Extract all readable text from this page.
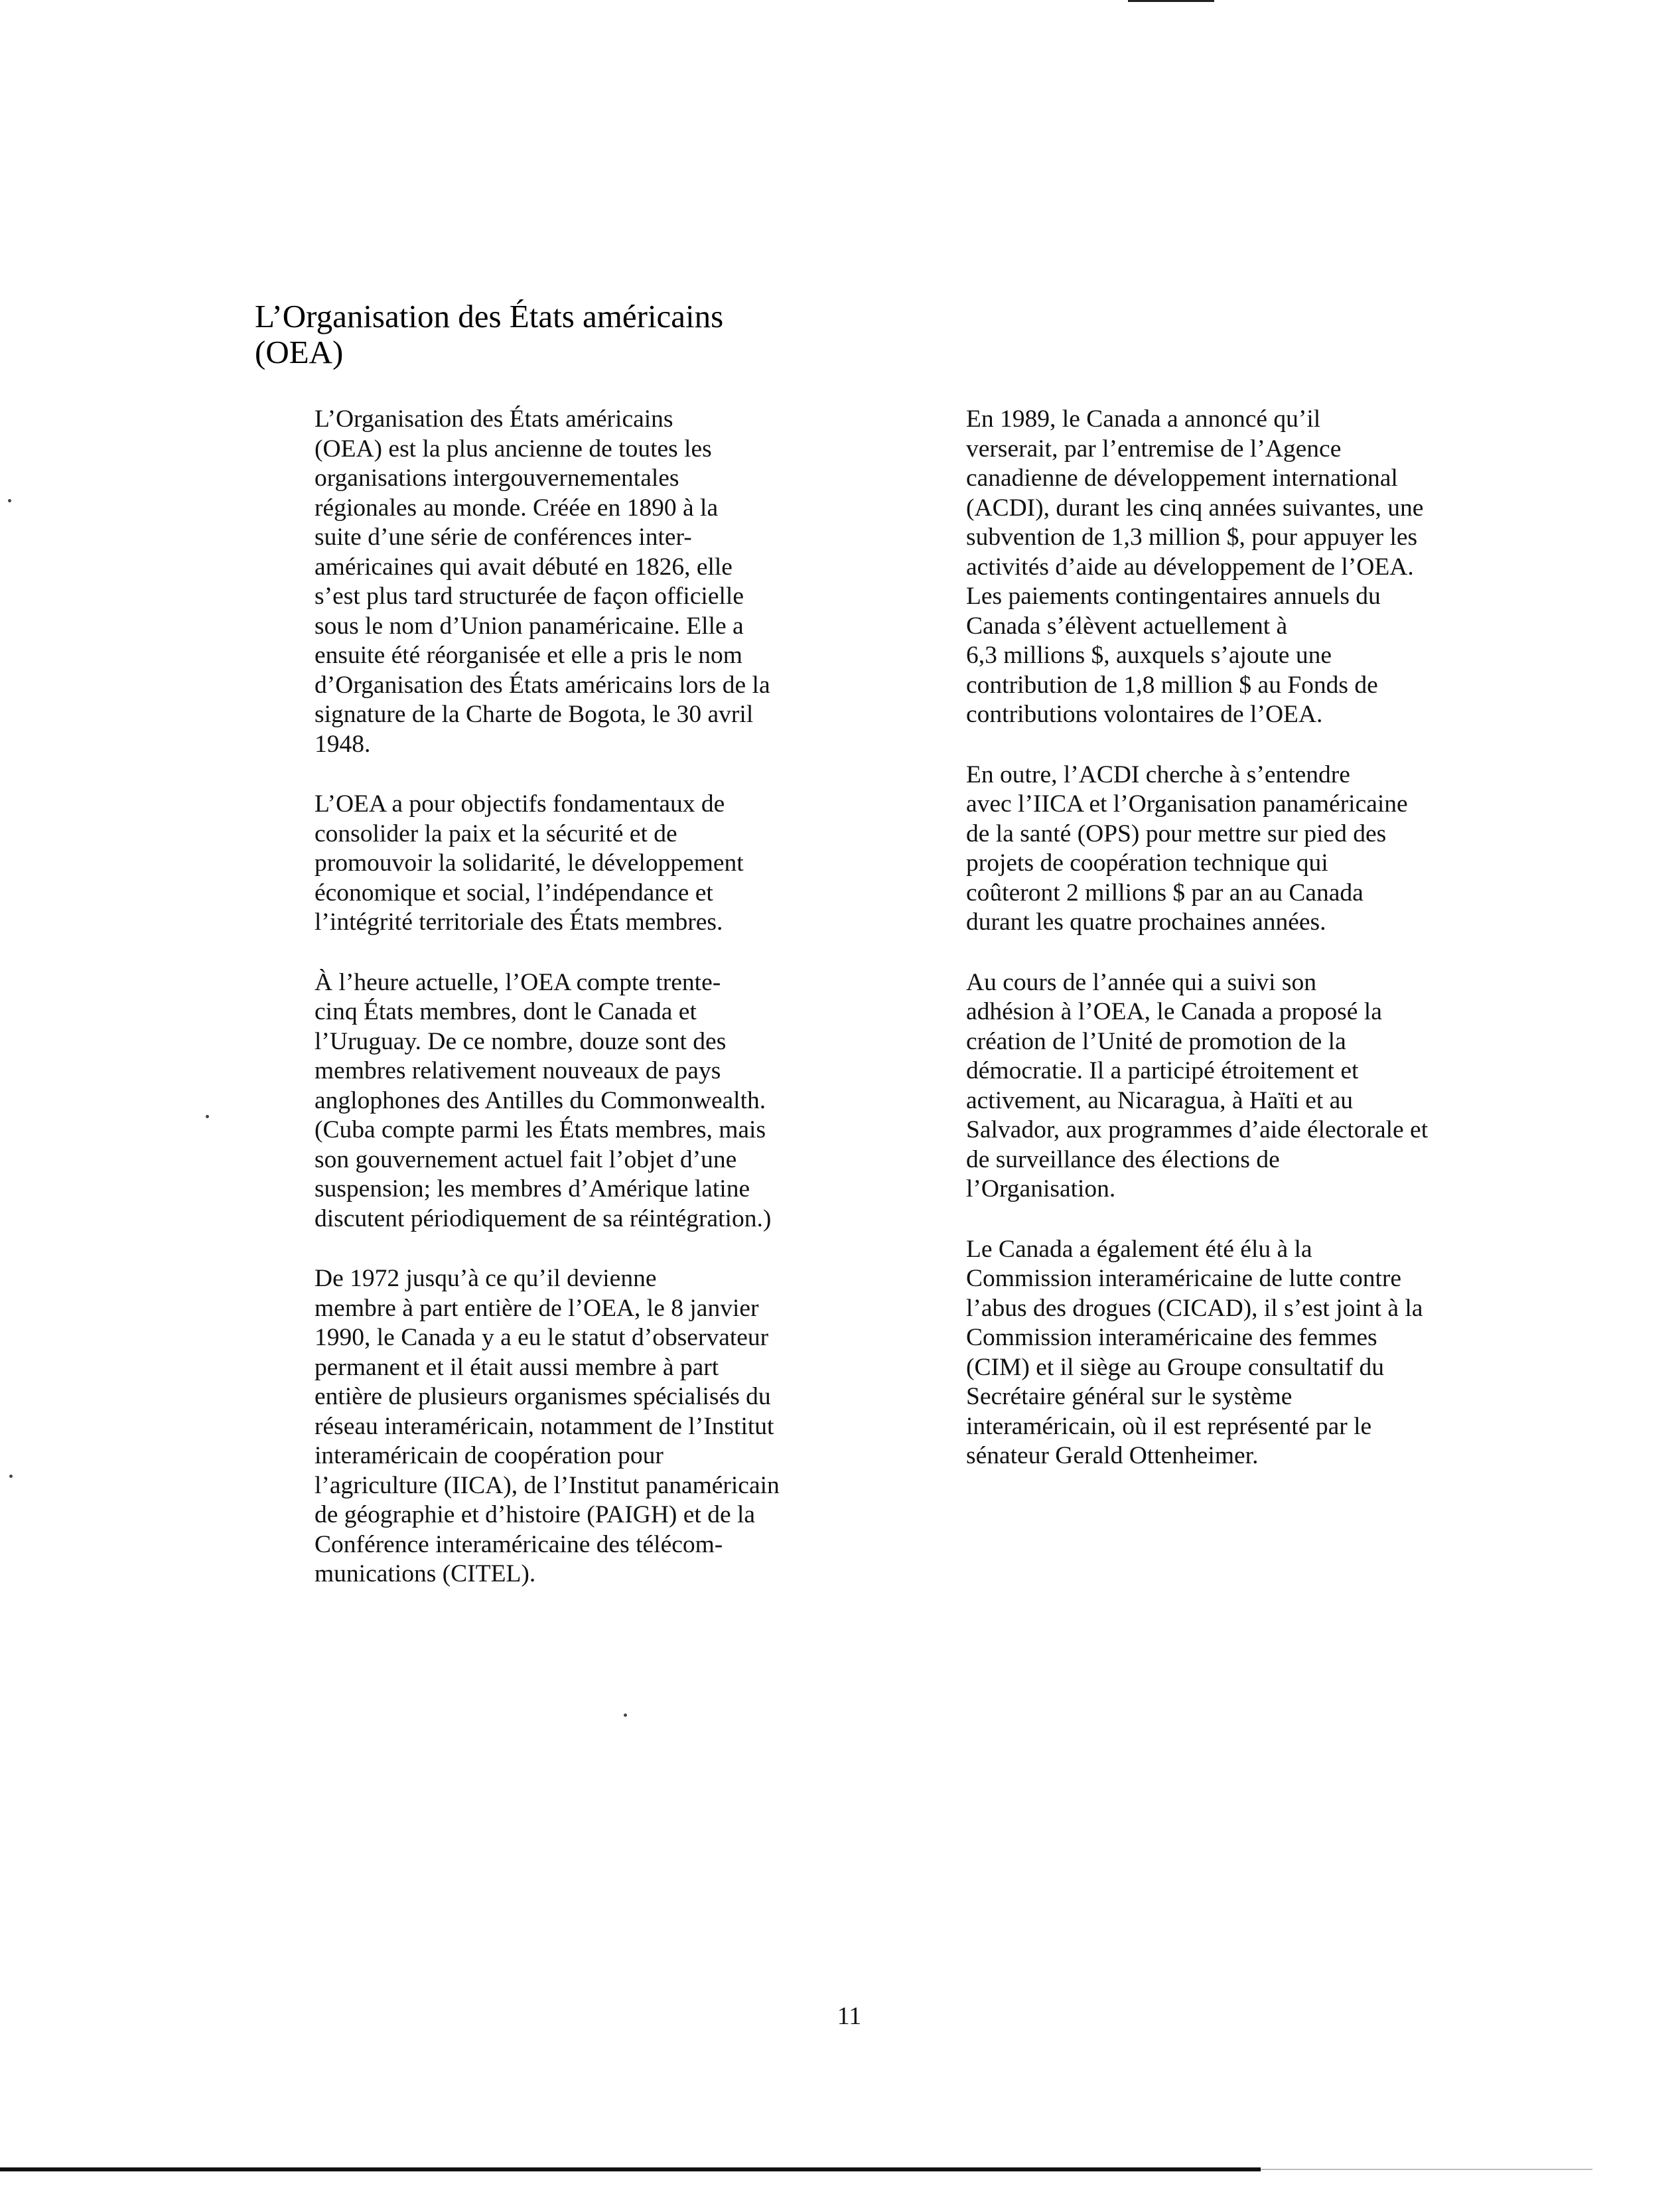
L’Organisation des États américains
(OEA)

L’Organisation des États américains
(OEA) est la plus ancienne de toutes les
organisations intergouvernementales
régionales au monde. Créée en 1890 à la
suite d’une série de conférences inter-
américaines qui avait débuté en 1826, elle
s’est plus tard structurée de façon officielle
sous le nom d’Union panaméricaine. Elle a
ensuite été réorganisée et elle a pris le nom
d’Organisation des États américains lors de la
signature de la Charte de Bogota, le 30 avril
1948.

L’OEA a pour objectifs fondamentaux de
consolider la paix et la sécurité et de
promouvoir la solidarité, le développement
économique et social, l’indépendance et
l’intégrité territoriale des États membres.

À l’heure actuelle, l’OEA compte trente-
cinq États membres, dont le Canada et
l’Uruguay. De ce nombre, douze sont des
membres relativement nouveaux de pays
anglophones des Antilles du Commonwealth.
(Cuba compte parmi les États membres, mais
son gouvernement actuel fait l’objet d’une
suspension; les membres d’Amérique latine
discutent périodiquement de sa réintégration.)

De 1972 jusqu’à ce qu’il devienne
membre à part entière de l’OEA, le 8 janvier
1990, le Canada y a eu le statut d’observateur
permanent et il était aussi membre à part
entière de plusieurs organismes spécialisés du
réseau interaméricain, notamment de l’Institut
interaméricain de coopération pour
l’agriculture (IICA), de l’Institut panaméricain
de géographie et d’histoire (PAIGH) et de la
Conférence interaméricaine des télécom-
munications (CITEL).

En 1989, le Canada a annoncé qu’il
verserait, par l’entremise de l’Agence
canadienne de développement international
(ACDI), durant les cinq années suivantes, une
subvention de 1,3 million $, pour appuyer les
activités d’aide au développement de l’OEA.
Les paiements contingentaires annuels du
Canada s’élèvent actuellement à
6,3 millions $, auxquels s’ajoute une
contribution de 1,8 million $ au Fonds de
contributions volontaires de l’OEA.

En outre, l’ACDI cherche à s’entendre
avec l’IICA et l’Organisation panaméricaine
de la santé (OPS) pour mettre sur pied des
projets de coopération technique qui
coûteront 2 millions $ par an au Canada
durant les quatre prochaines années.

Au cours de l’année qui a suivi son
adhésion à l’OEA, le Canada a proposé la
création de l’Unité de promotion de la
démocratie. Il a participé étroitement et
activement, au Nicaragua, à Haïti et au
Salvador, aux programmes d’aide électorale et
de surveillance des élections de
l’Organisation.

Le Canada a également été élu à la
Commission interaméricaine de lutte contre
l’abus des drogues (CICAD), il s’est joint à la
Commission interaméricaine des femmes
(CIM) et il siège au Groupe consultatif du
Secrétaire général sur le système
interaméricain, où il est représenté par le
sénateur Gerald Ottenheimer.

11
